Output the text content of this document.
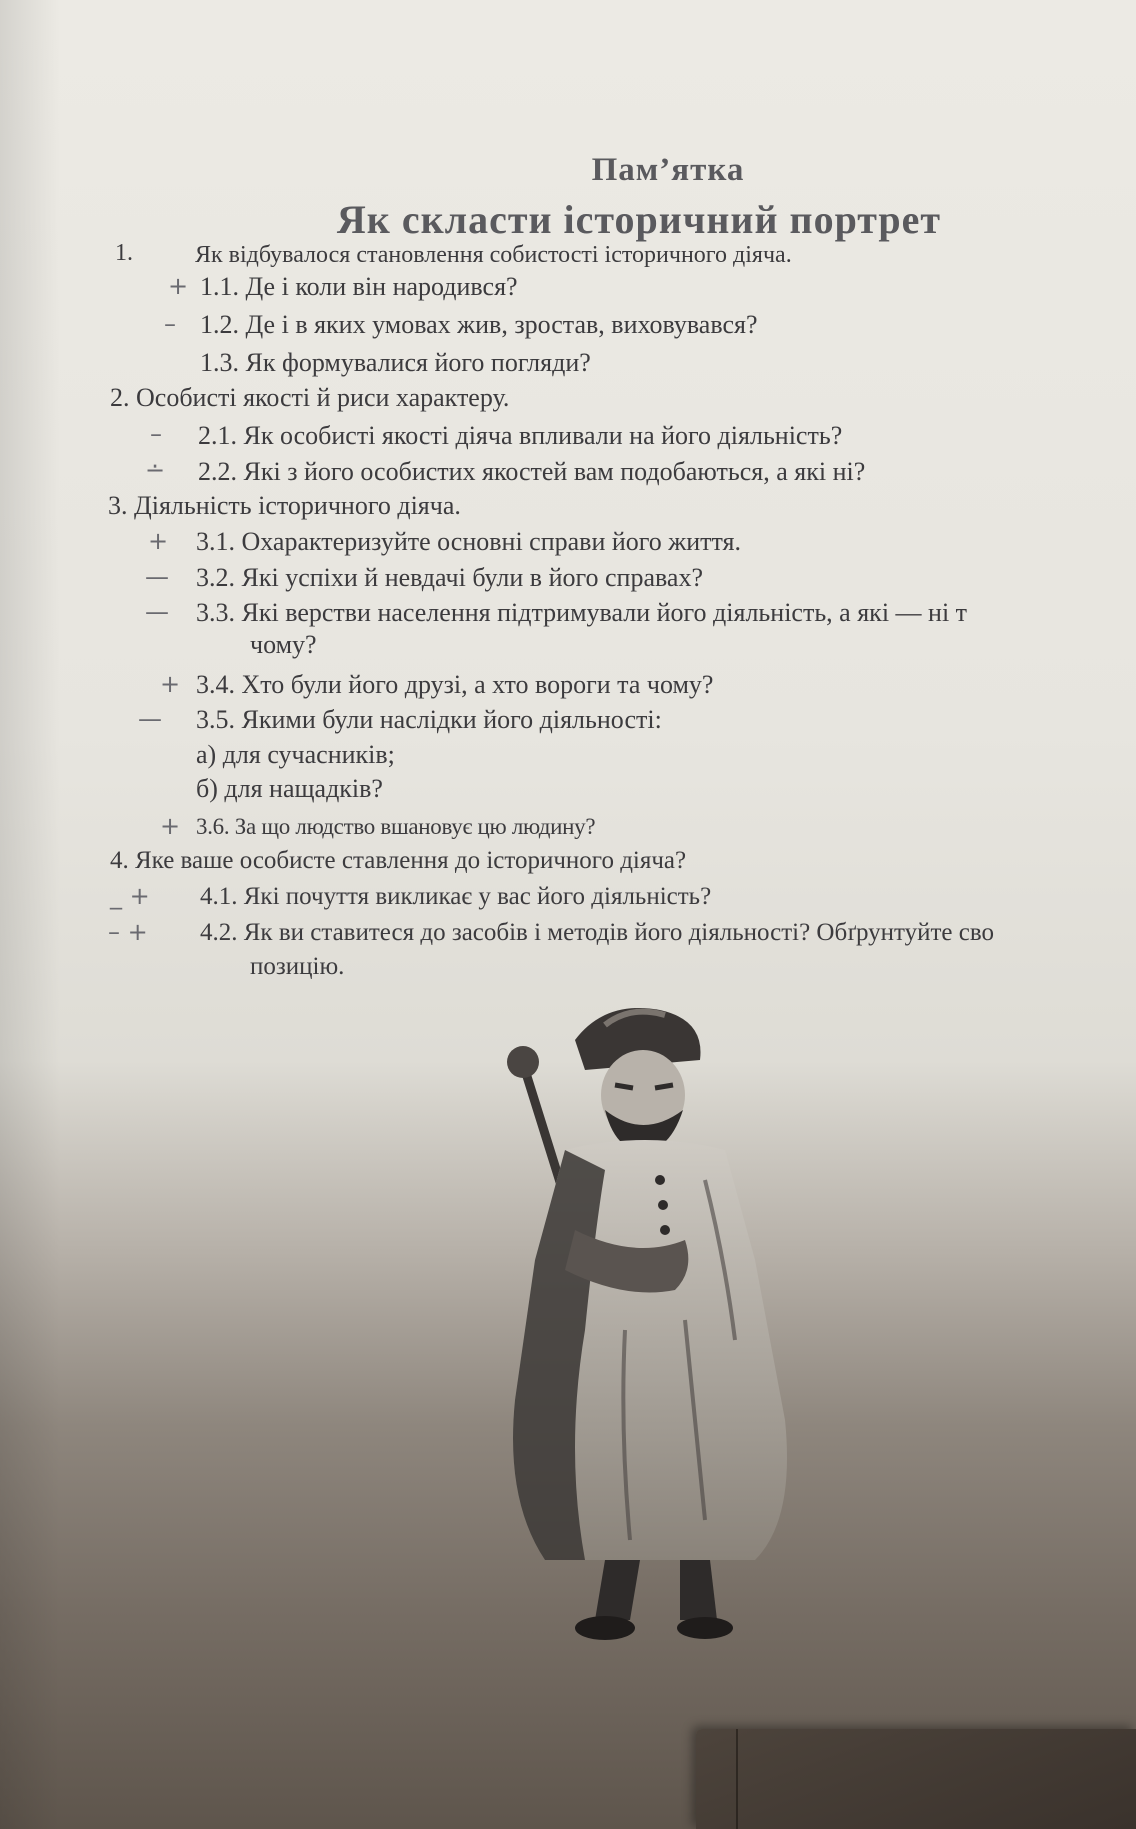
Пам’ятка
Як скласти історичний портрет
1.	Як відбувалося становлення собистості історичного діяча.
+ 1.1. Де і коли він народився?
– 1.2. Де і в яких умовах жив, зростав, виховувався?
1.3. Як формувалися його погляди?
2. Особисті якості й риси характеру.
– 2.1. Як особисті якості діяча впливали на його діяльність?
∸ 2.2. Які з його особистих якостей вам подобаються, а які ні?
3. Діяльність історичного діяча.
+ 3.1. Охарактеризуйте основні справи його життя.
— 3.2. Які успіхи й невдачі були в його справах?
— 3.3. Які верстви населення підтримували його діяльність, а які — ні т
чому?
+ 3.4. Хто були його друзі, а хто вороги та чому?
— 3.5. Якими були наслідки його діяльності:
а) для сучасників;
б) для нащадків?
+ 3.6. За що людство вшановує цю людину?
4. Яке ваше особисте ставлення до історичного діяча?
_ + 4.1. Які почуття викликає у вас його діяльність?
– + 4.2. Як ви ставитеся до засобів і методів його діяльності? Обґрунтуйте сво
позицію.
